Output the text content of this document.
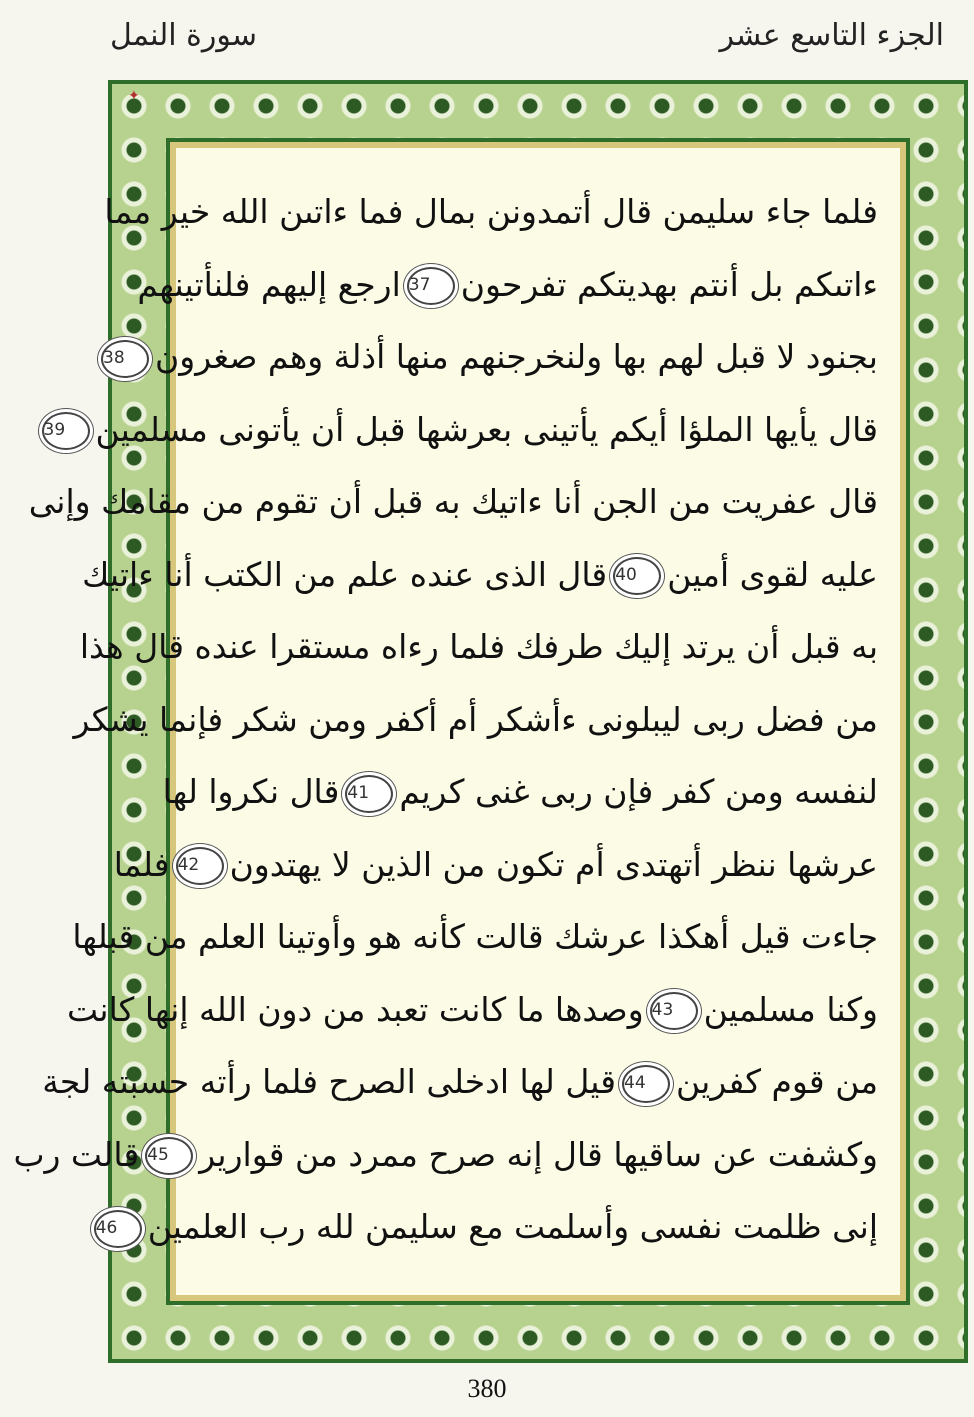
سورة النمل	الجزء التاسع عشر
✦
فلما جاء سليمن قال أتمدونن بمال فما ءاتىن الله خير مما
ءاتىكم بل أنتم بهديتكم تفرحون37ارجع إليهم فلنأتينهم
بجنود لا قبل لهم بها ولنخرجنهم منها أذلة وهم صغرون38
قال يأيها الملؤا أيكم يأتينى بعرشها قبل أن يأتونى مسلمين39
قال عفريت من الجن أنا ءاتيك به قبل أن تقوم من مقامك وإنى
عليه لقوى أمين40قال الذى عنده علم من الكتب أنا ءاتيك
به قبل أن يرتد إليك طرفك فلما رءاه مستقرا عنده قال هذا
من فضل ربى ليبلونى ءأشكر أم أكفر ومن شكر فإنما يشكر
لنفسه ومن كفر فإن ربى غنى كريم41قال نكروا لها
عرشها ننظر أتهتدى أم تكون من الذين لا يهتدون42فلما
جاءت قيل أهكذا عرشك قالت كأنه هو وأوتينا العلم من قبلها
وكنا مسلمين43وصدها ما كانت تعبد من دون الله إنها كانت
من قوم كفرين44قيل لها ادخلى الصرح فلما رأته حسبته لجة
وكشفت عن ساقيها قال إنه صرح ممرد من قوارير45قالت رب
إنى ظلمت نفسى وأسلمت مع سليمن لله رب العلمين46
380
